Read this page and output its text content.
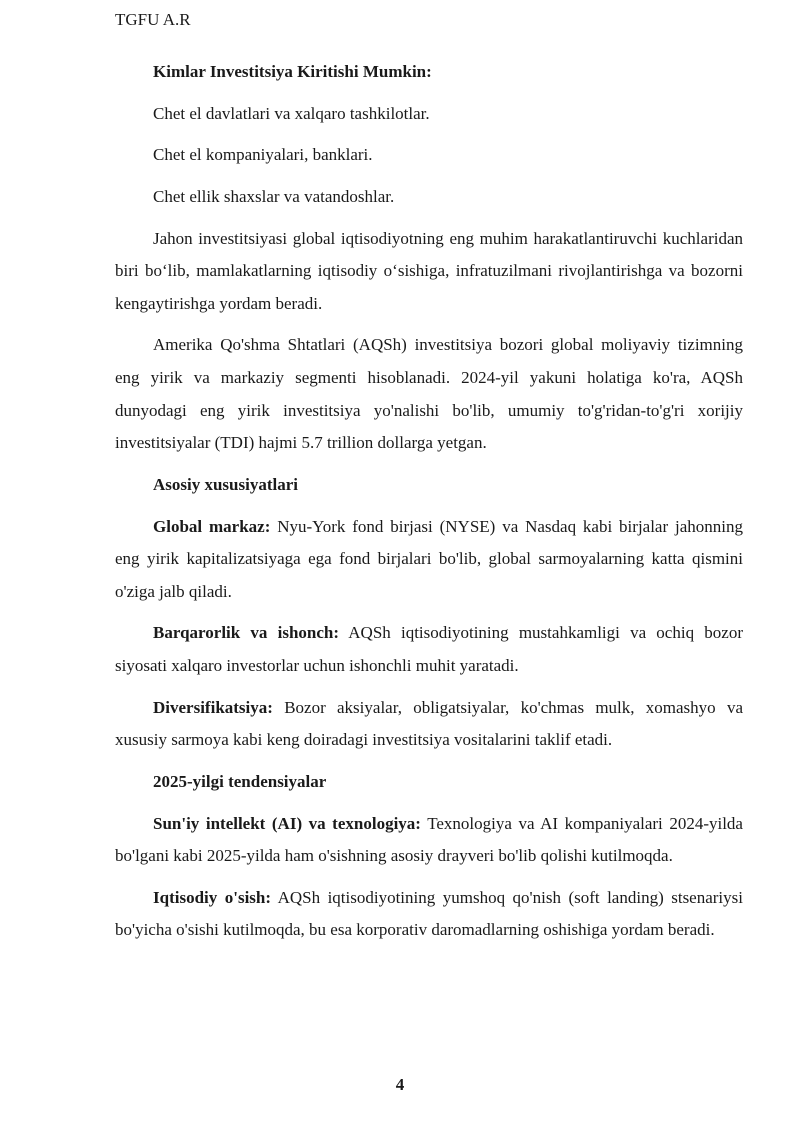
TGFU A.R

Kimlar Investitsiya Kiritishi Mumkin:

Chet el davlatlari va xalqaro tashkilotlar.

Chet el kompaniyalari, banklari.

Chet ellik shaxslar va vatandoshlar.

Jahon investitsiyasi global iqtisodiyotning eng muhim harakatlantiruvchi kuchlaridan biri bo‘lib, mamlakatlarning iqtisodiy o‘sishiga, infratuzilmani rivojlantirishga va bozorni kengaytirishga yordam beradi.

Amerika Qo'shma Shtatlari (AQSh) investitsiya bozori global moliyaviy tizimning eng yirik va markaziy segmenti hisoblanadi. 2024-yil yakuni holatiga ko'ra, AQSh dunyodagi eng yirik investitsiya yo'nalishi bo'lib, umumiy to'g'ridan-to'g'ri xorijiy investitsiyalar (TDI) hajmi 5.7 trillion dollarga yetgan.

Asosiy xususiyatlari

Global markaz: Nyu-York fond birjasi (NYSE) va Nasdaq kabi birjalar jahonning eng yirik kapitalizatsiyaga ega fond birjalari bo'lib, global sarmoyalarning katta qismini o'ziga jalb qiladi.

Barqarorlik va ishonch: AQSh iqtisodiyotining mustahkamligi va ochiq bozor siyosati xalqaro investorlar uchun ishonchli muhit yaratadi.

Diversifikatsiya: Bozor aksiyalar, obligatsiyalar, ko'chmas mulk, xomashyo va xususiy sarmoya kabi keng doiradagi investitsiya vositalarini taklif etadi.

2025-yilgi tendensiyalar

Sun'iy intellekt (AI) va texnologiya: Texnologiya va AI kompaniyalari 2024-yilda bo'lgani kabi 2025-yilda ham o'sishning asosiy drayveri bo'lib qolishi kutilmoqda.

Iqtisodiy o'sish: AQSh iqtisodiyotining yumshoq qo'nish (soft landing) stsenariysi bo'yicha o'sishi kutilmoqda, bu esa korporativ daromadlarning oshishiga yordam beradi.

4
